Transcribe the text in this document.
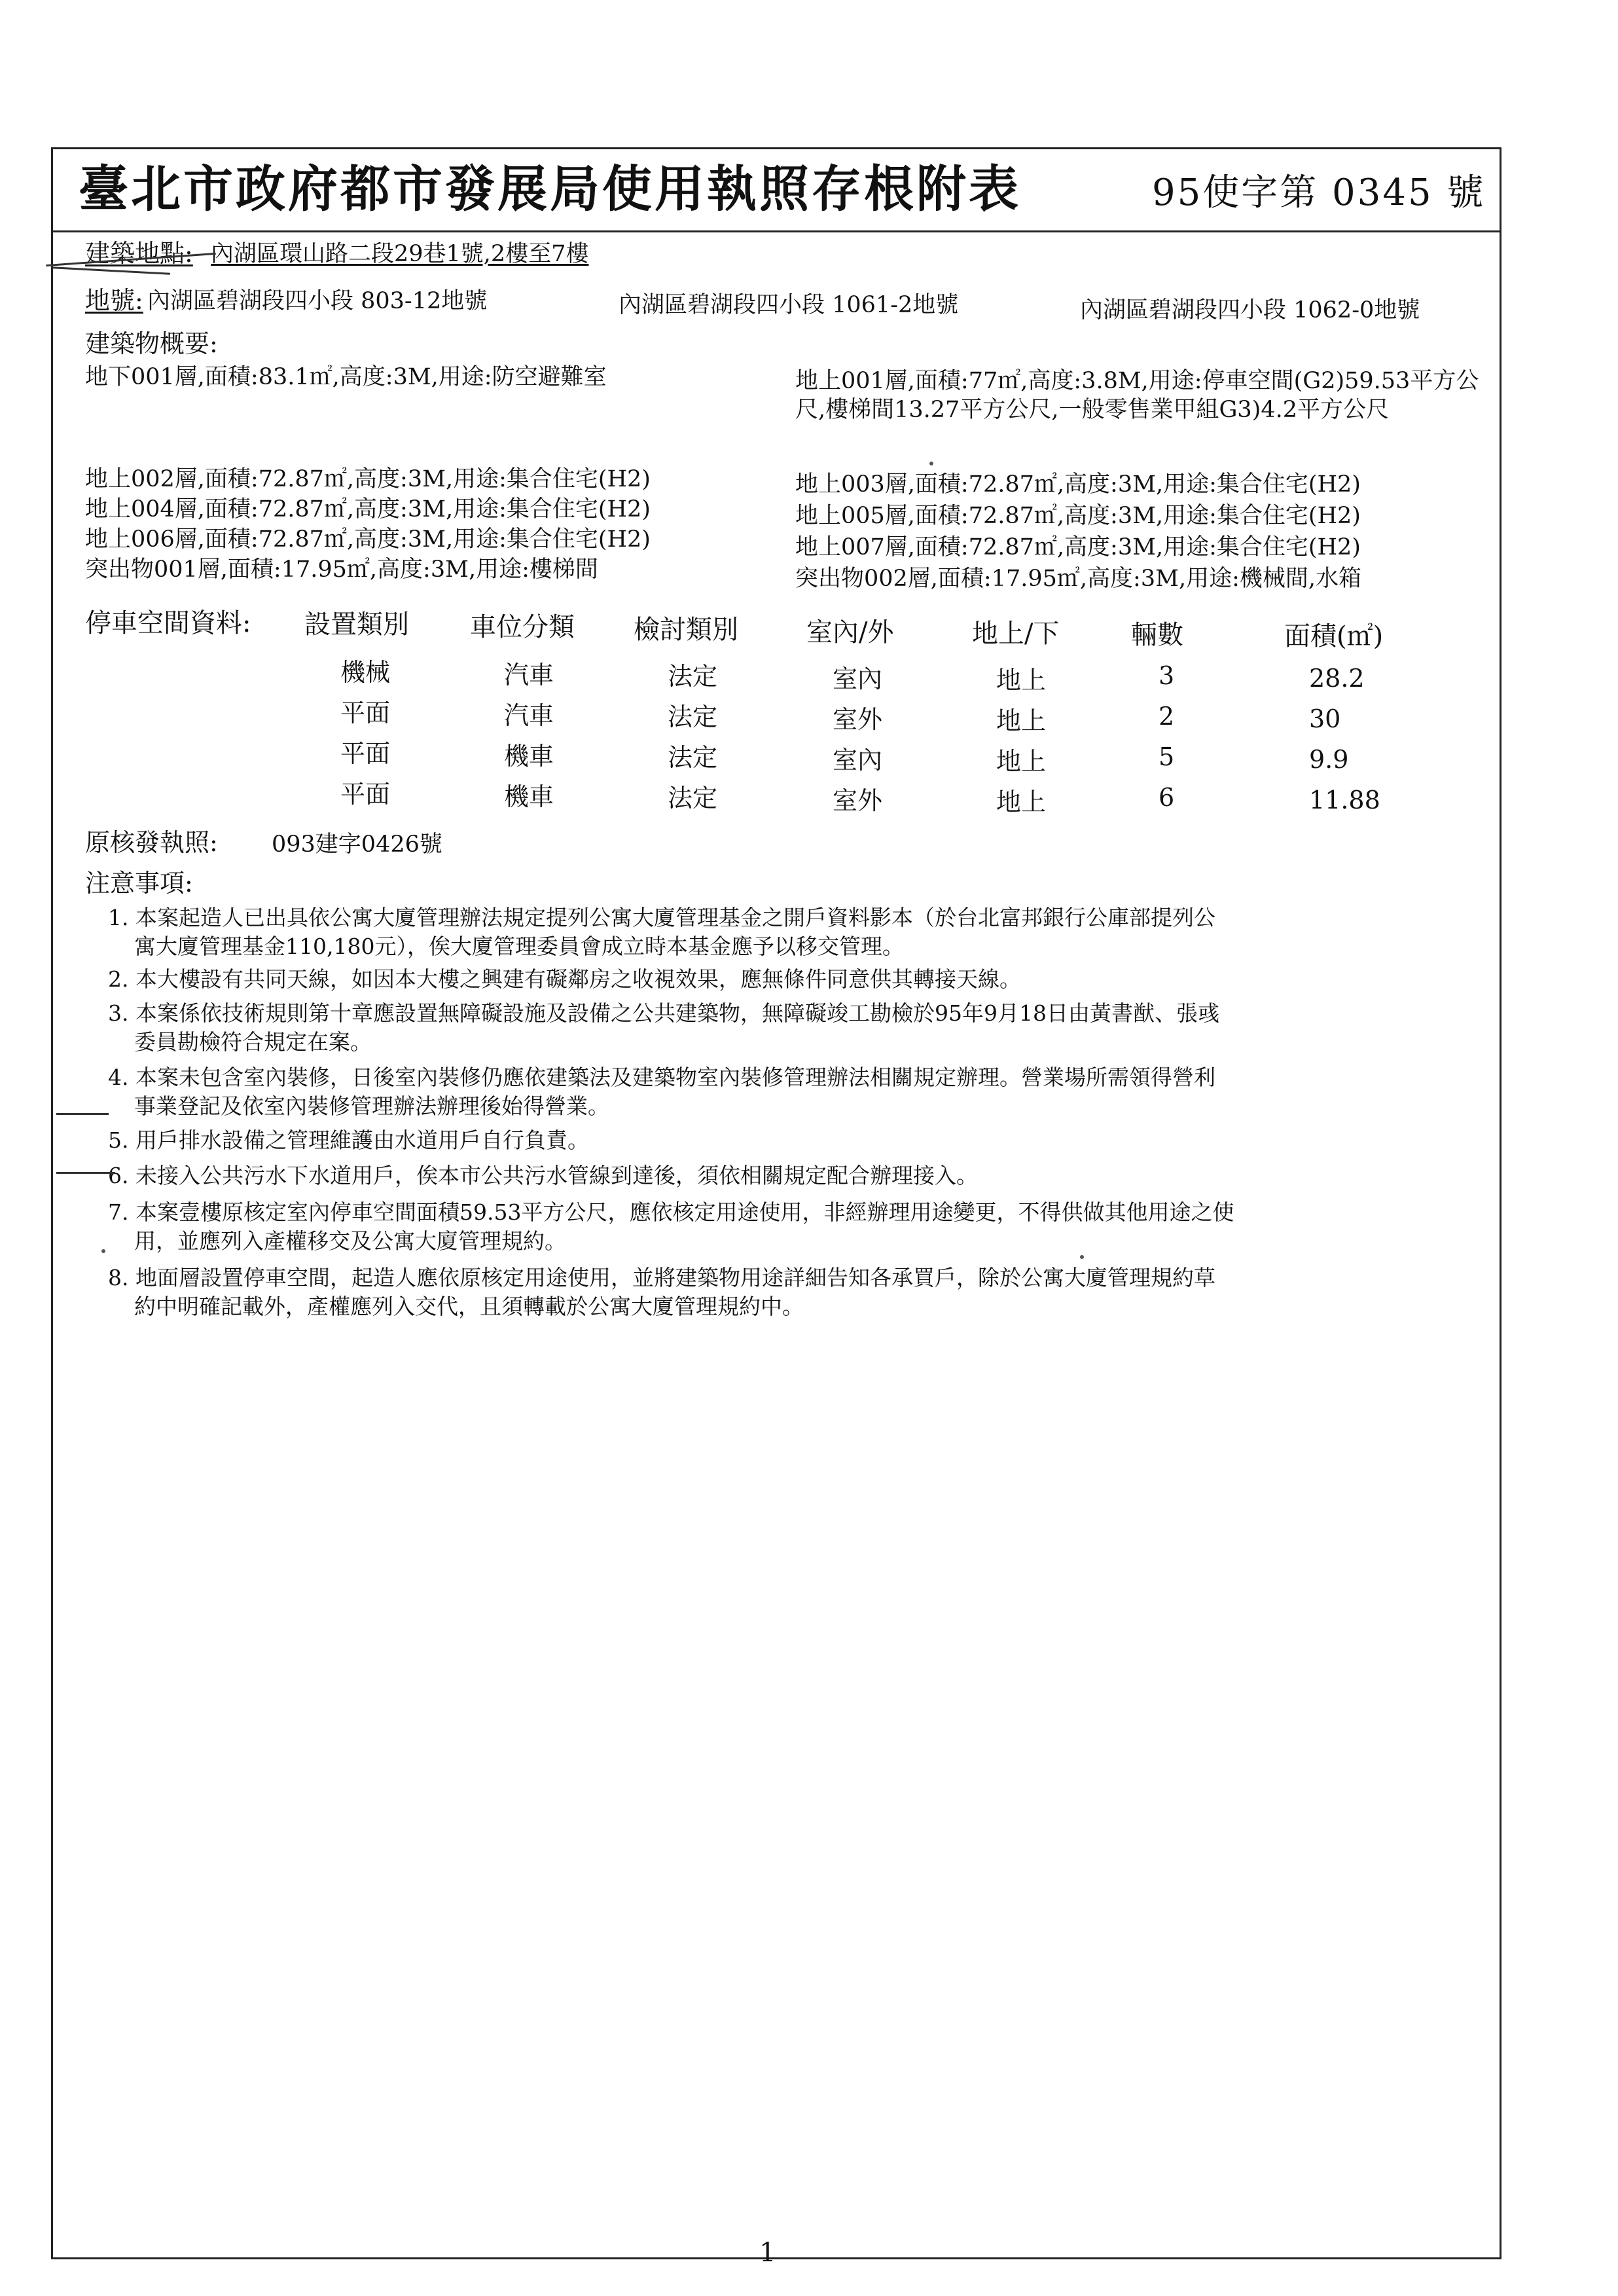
臺北市政府都市發展局使用執照存根附表	95使字第 0345 號
建築地點: 內湖區環山路二段29巷1號,2樓至7樓
地號: 內湖區碧湖段四小段 803-12地號	內湖區碧湖段四小段 1061-2地號	內湖區碧湖段四小段 1062-0地號
建築物概要:
地下001層,面積:83.1㎡,高度:3M,用途:防空避難室	地上001層,面積:77㎡,高度:3.8M,用途:停車空間(G2)59.53平方公尺,樓梯間13.27平方公尺,一般零售業甲組G3)4.2平方公尺
地上002層,面積:72.87㎡,高度:3M,用途:集合住宅(H2)	地上003層,面積:72.87㎡,高度:3M,用途:集合住宅(H2)
地上004層,面積:72.87㎡,高度:3M,用途:集合住宅(H2)	地上005層,面積:72.87㎡,高度:3M,用途:集合住宅(H2)
地上006層,面積:72.87㎡,高度:3M,用途:集合住宅(H2)	地上007層,面積:72.87㎡,高度:3M,用途:集合住宅(H2)
突出物001層,面積:17.95㎡,高度:3M,用途:樓梯間	突出物002層,面積:17.95㎡,高度:3M,用途:機械間,水箱
停車空間資料: 設置類別 車位分類 檢討類別	室內/外	地上/下	輛數	面積(㎡)
機械	汽車	法定	室內	地上	3	28.2
平面	汽車	法定	室外	地上	2	30
平面	機車	法定	室內	地上	5	9.9
平面	機車	法定	室外	地上	6	11.88
原核發執照: 093建字0426號
注意事項:
1. 本案起造人已出具依公寓大廈管理辦法規定提列公寓大廈管理基金之開戶資料影本（於台北富邦銀行公庫部提列公
寓大廈管理基金110,180元），俟大廈管理委員會成立時本基金應予以移交管理。
2. 本大樓設有共同天線，如因本大樓之興建有礙鄰房之收視效果，應無條件同意供其轉接天線。
3. 本案係依技術規則第十章應設置無障礙設施及設備之公共建築物，無障礙竣工勘檢於95年9月18日由黃書猷、張彧
委員勘檢符合規定在案。
4. 本案未包含室內裝修，日後室內裝修仍應依建築法及建築物室內裝修管理辦法相關規定辦理。營業場所需領得營利
事業登記及依室內裝修管理辦法辦理後始得營業。
5. 用戶排水設備之管理維護由水道用戶自行負責。
6. 未接入公共污水下水道用戶，俟本市公共污水管線到達後，須依相關規定配合辦理接入。
7. 本案壹樓原核定室內停車空間面積59.53平方公尺，應依核定用途使用，非經辦理用途變更，不得供做其他用途之使
用，並應列入產權移交及公寓大廈管理規約。
8. 地面層設置停車空間，起造人應依原核定用途使用，並將建築物用途詳細告知各承買戶，除於公寓大廈管理規約草
約中明確記載外，產權應列入交代，且須轉載於公寓大廈管理規約中。
1
